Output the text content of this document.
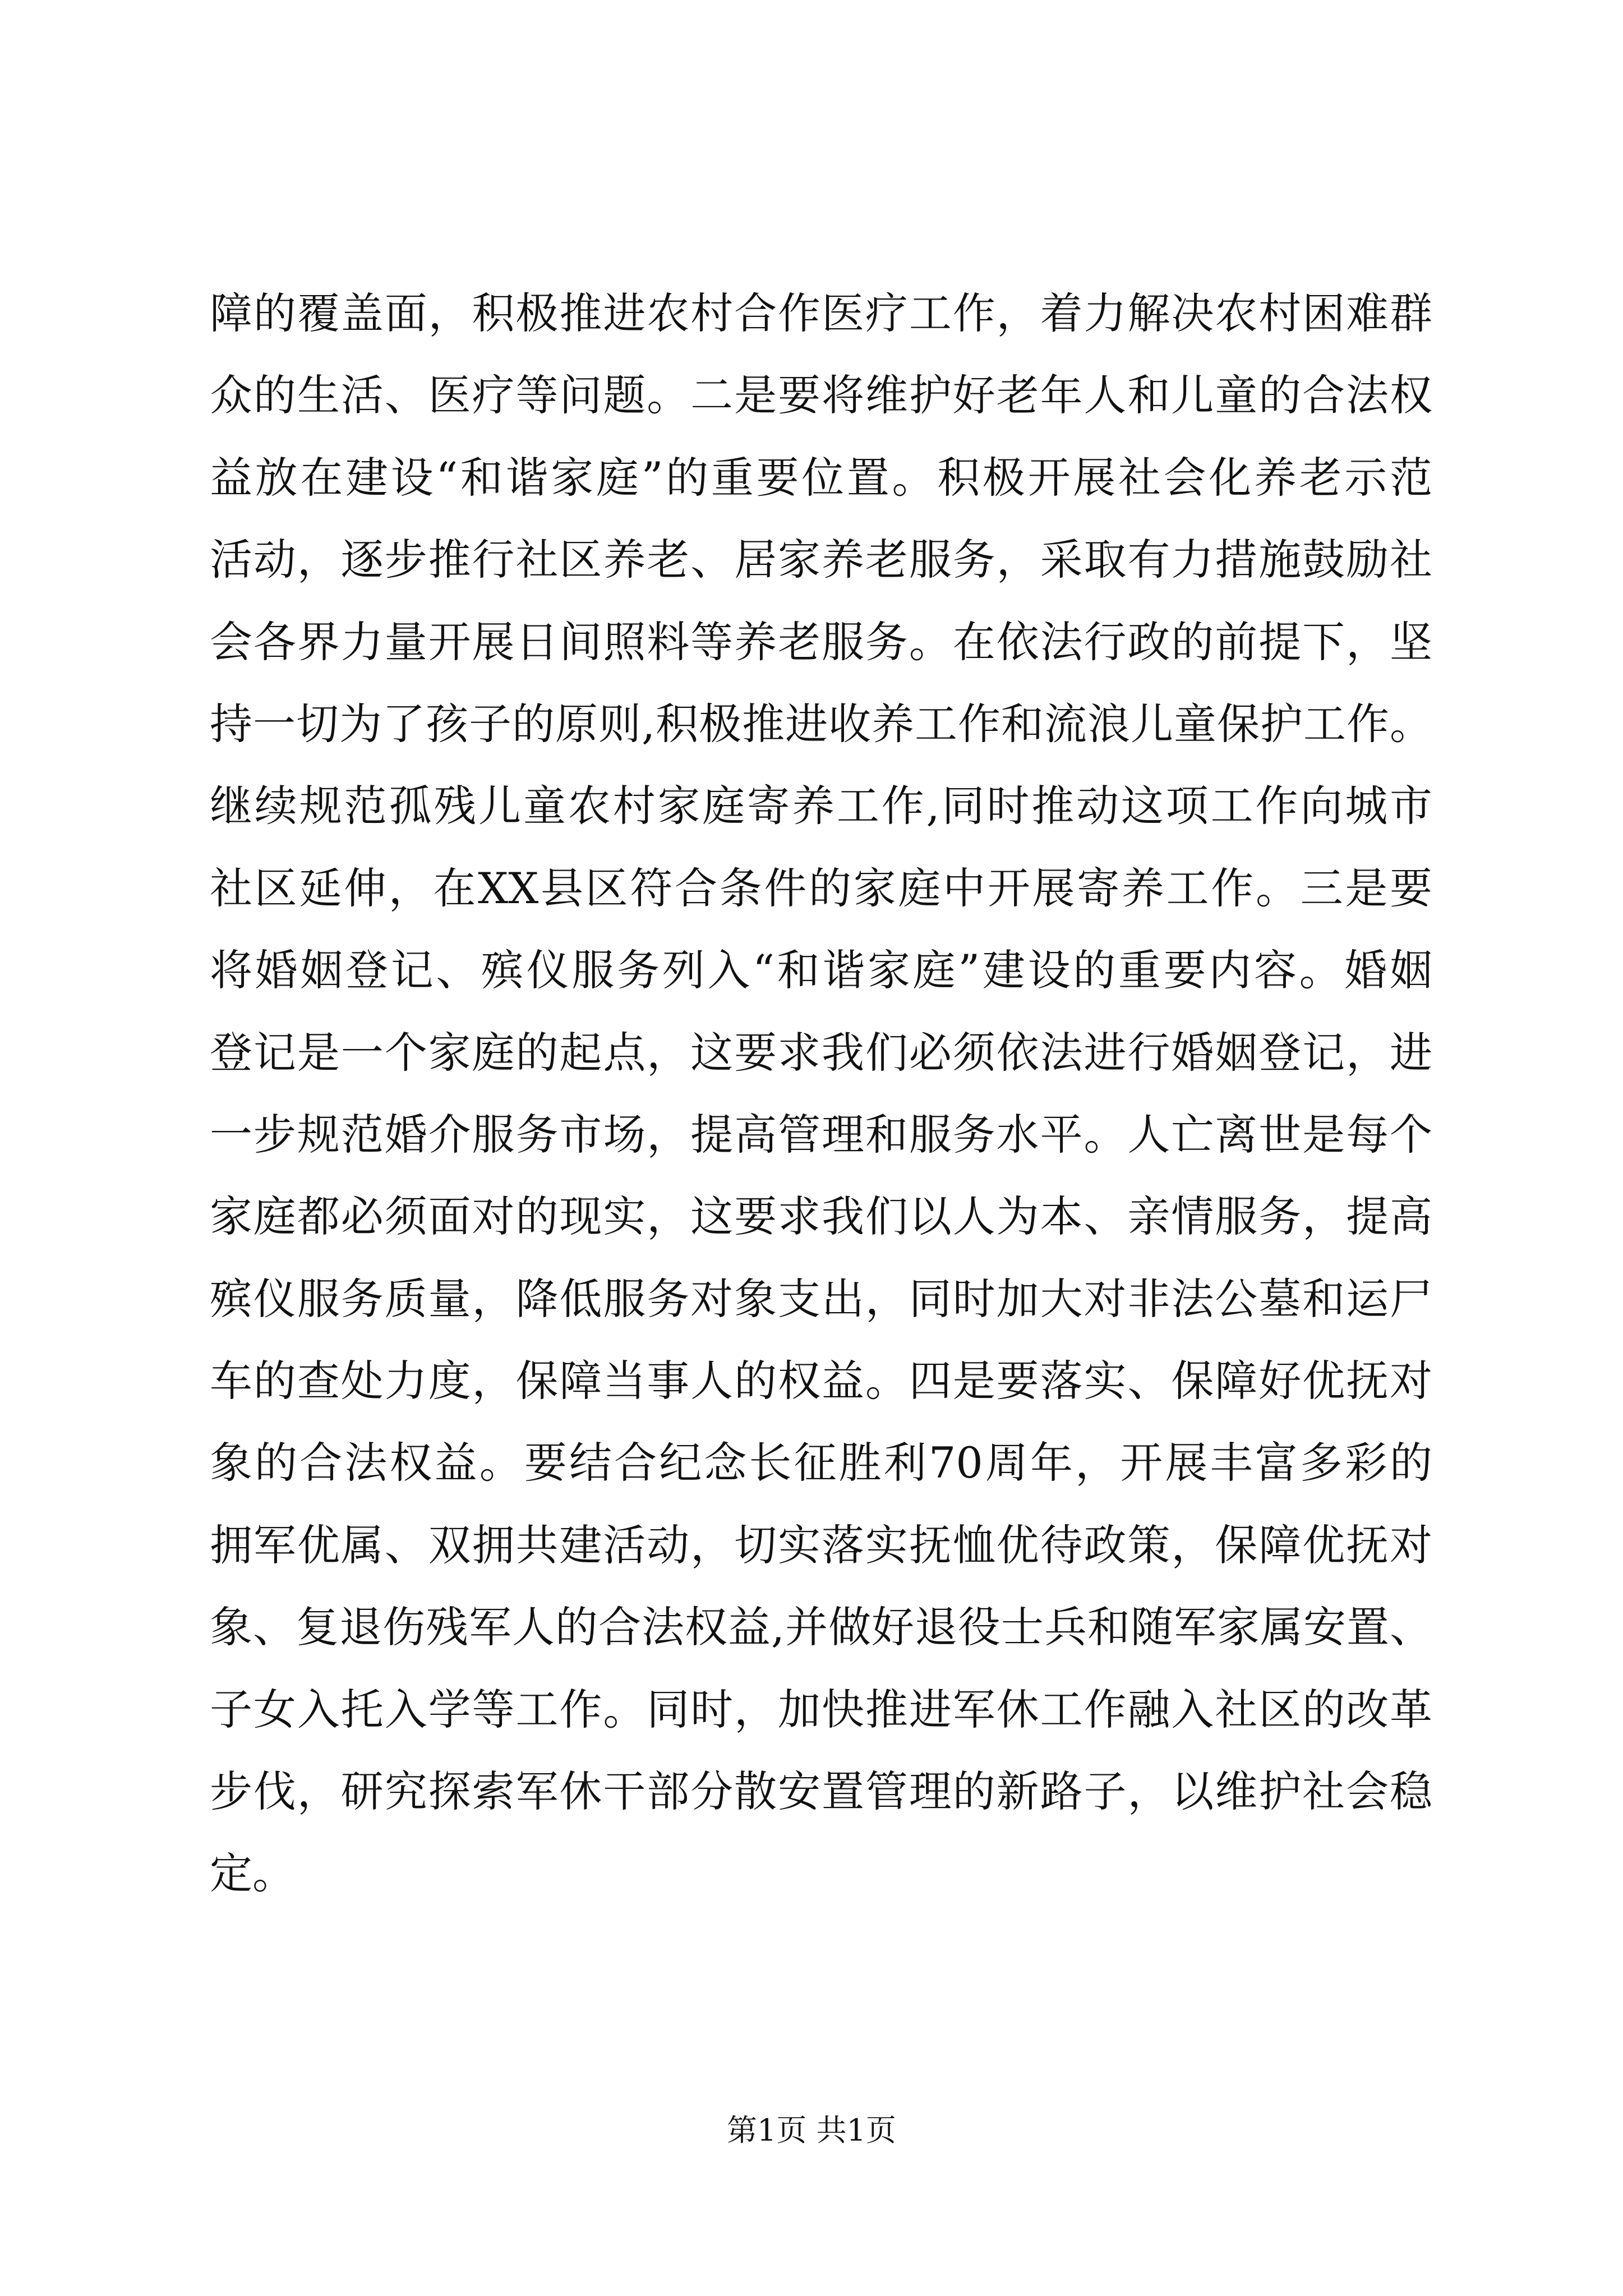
障的覆盖面，积极推进农村合作医疗工作，着力解决农村困难群
众的生活、医疗等问题。二是要将维护好老年人和儿童的合法权
益放在建设“和谐家庭”的重要位置。积极开展社会化养老示范
活动，逐步推行社区养老、居家养老服务，采取有力措施鼓励社
会各界力量开展日间照料等养老服务。在依法行政的前提下，坚
持一切为了孩子的原则,积极推进收养工作和流浪儿童保护工作。
继续规范孤残儿童农村家庭寄养工作,同时推动这项工作向城市
社区延伸，在XX县区符合条件的家庭中开展寄养工作。三是要
将婚姻登记、殡仪服务列入“和谐家庭”建设的重要内容。婚姻
登记是一个家庭的起点，这要求我们必须依法进行婚姻登记，进
一步规范婚介服务市场，提高管理和服务水平。人亡离世是每个
家庭都必须面对的现实，这要求我们以人为本、亲情服务，提高
殡仪服务质量，降低服务对象支出，同时加大对非法公墓和运尸
车的查处力度，保障当事人的权益。四是要落实、保障好优抚对
象的合法权益。要结合纪念长征胜利70周年，开展丰富多彩的
拥军优属、双拥共建活动，切实落实抚恤优待政策，保障优抚对
象、复退伤残军人的合法权益,并做好退役士兵和随军家属安置、
子女入托入学等工作。同时，加快推进军休工作融入社区的改革
步伐，研究探索军休干部分散安置管理的新路子，以维护社会稳
定。
第1页 共1页
